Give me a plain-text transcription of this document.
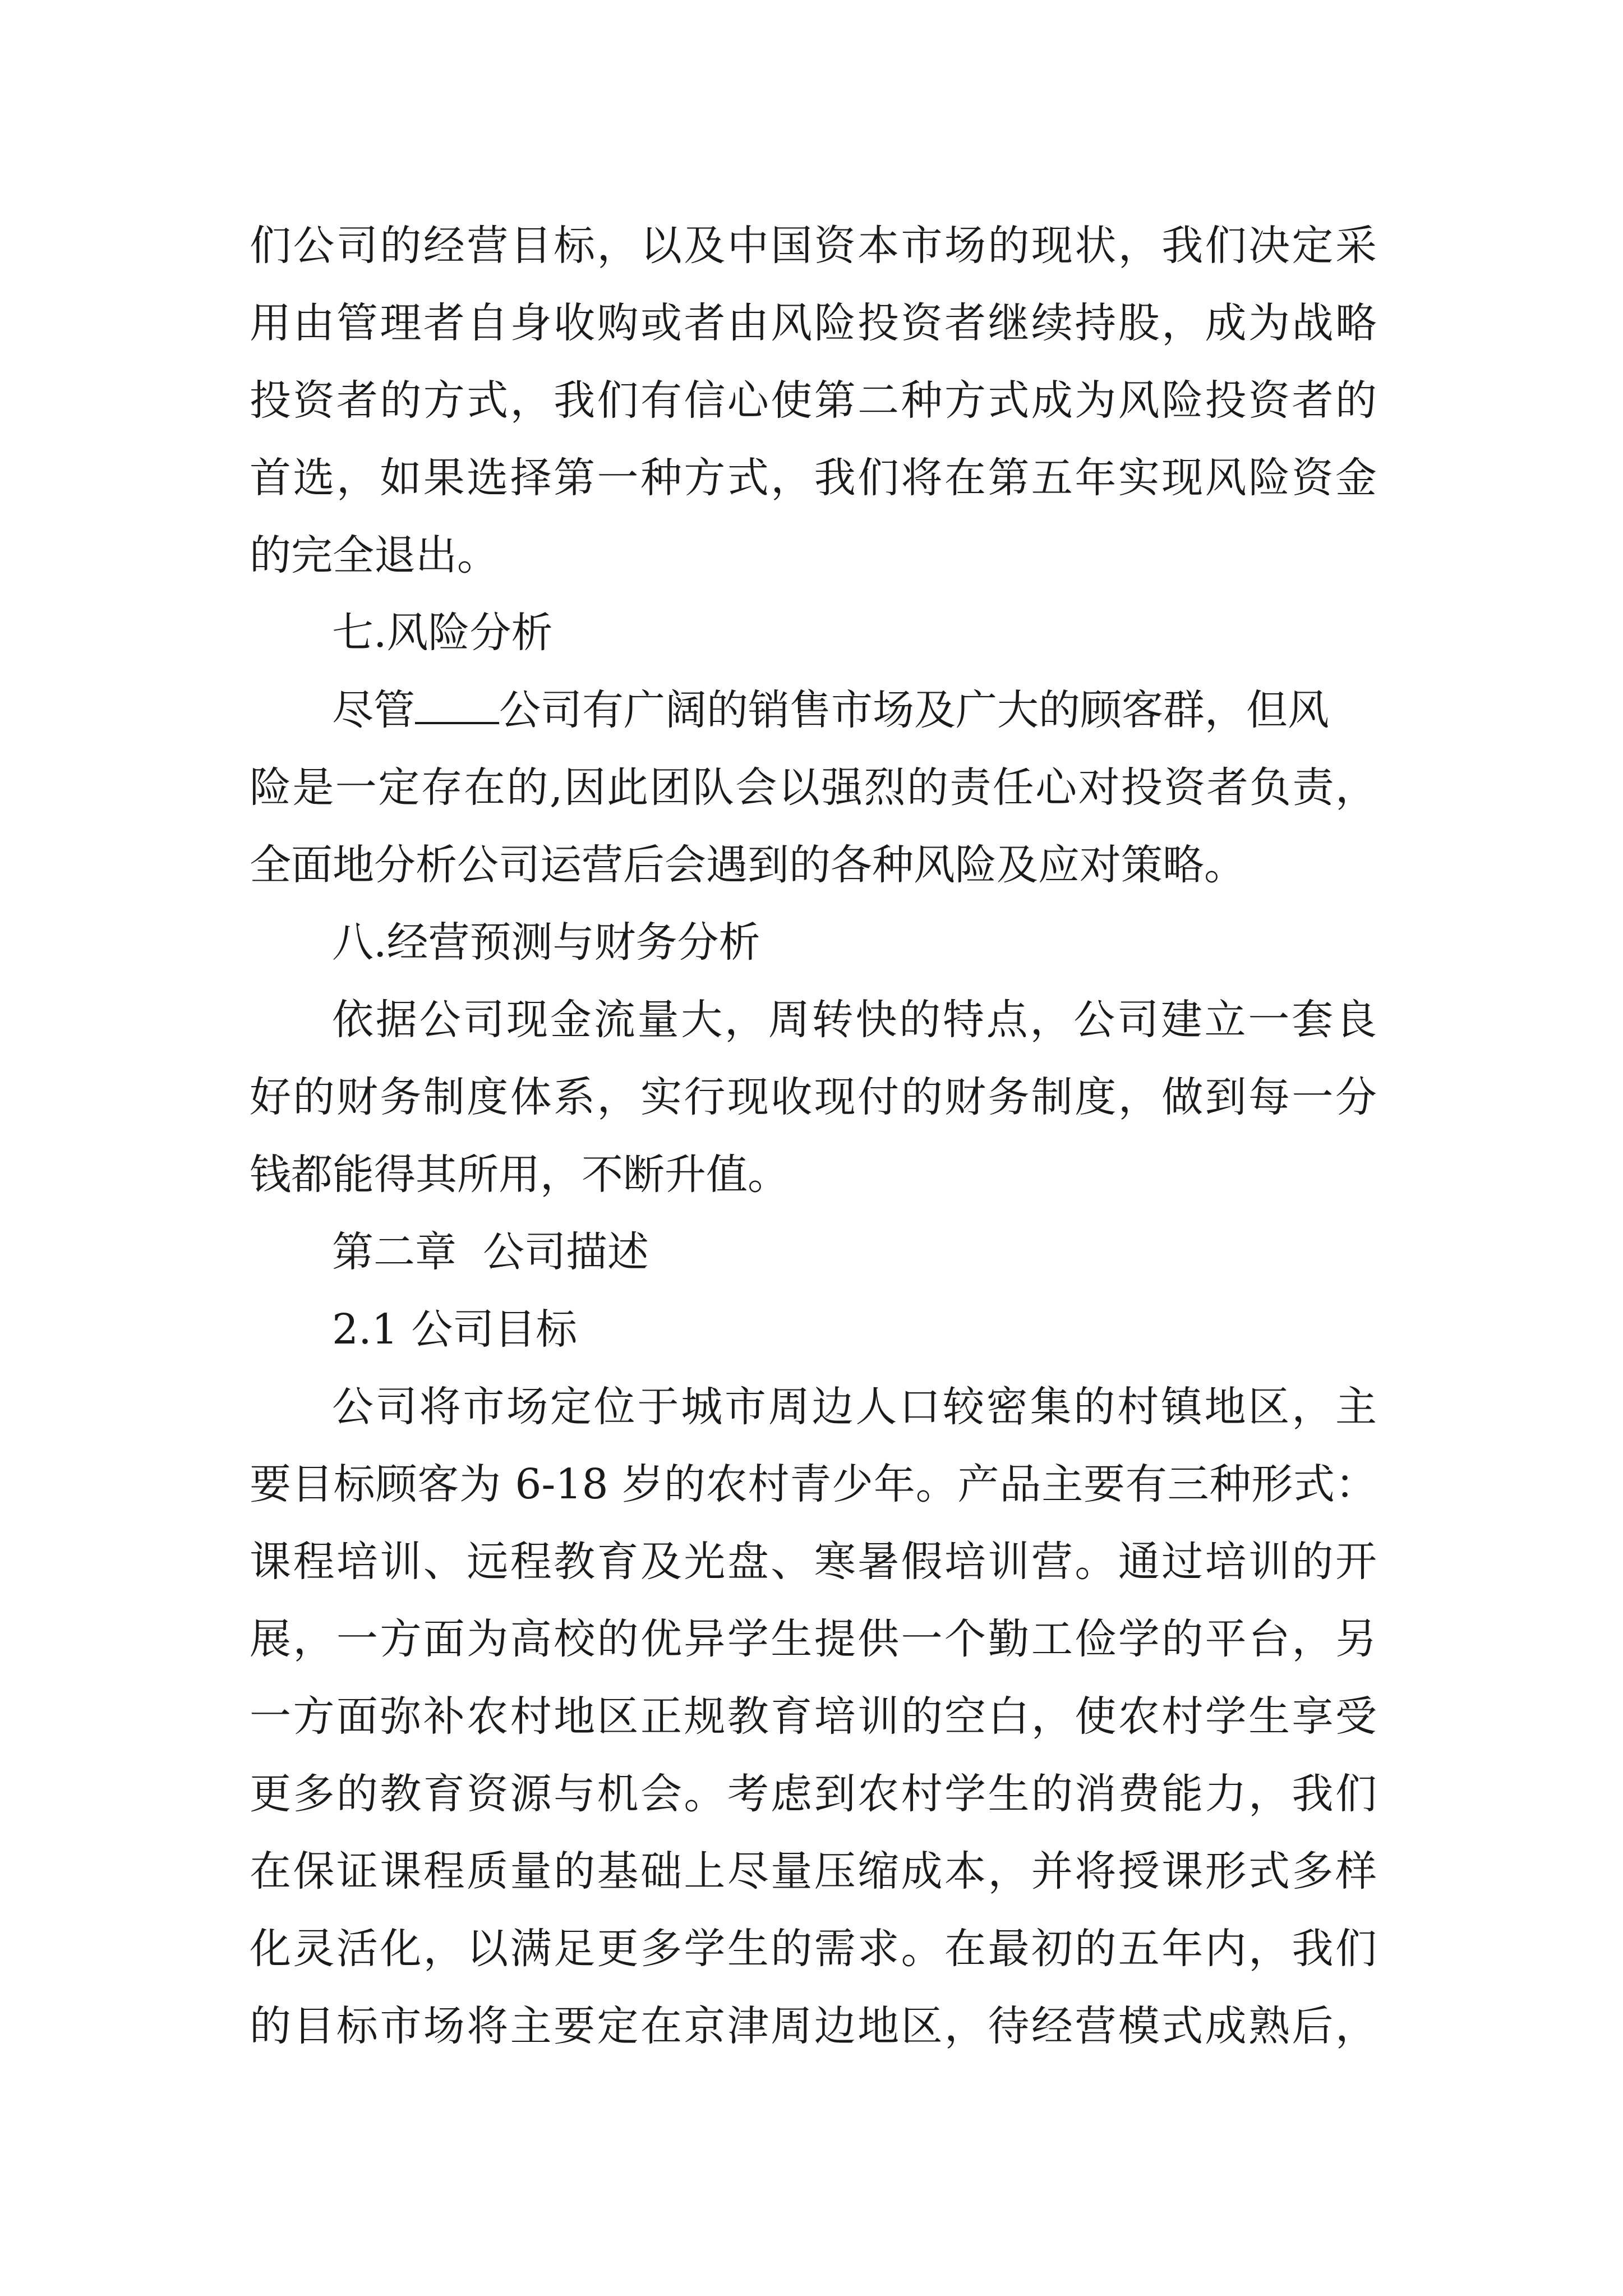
们公司的经营目标，以及中国资本市场的现状，我们决定采
用由管理者自身收购或者由风险投资者继续持股，成为战略
投资者的方式，我们有信心使第二种方式成为风险投资者的
首选，如果选择第一种方式，我们将在第五年实现风险资金
的完全退出。
七.风险分析
尽管 公司有广阔的销售市场及广大的顾客群，但风
险是一定存在的,因此团队会以强烈的责任心对投资者负责，
全面地分析公司运营后会遇到的各种风险及应对策略。
八.经营预测与财务分析
依据公司现金流量大，周转快的特点，公司建立一套良
好的财务制度体系，实行现收现付的财务制度，做到每一分
钱都能得其所用，不断升值。
第二章  公司描述
2.1 公司目标
公司将市场定位于城市周边人口较密集的村镇地区，主
要目标顾客为 6-18 岁的农村青少年。产品主要有三种形式：
课程培训、远程教育及光盘、寒暑假培训营。通过培训的开
展，一方面为高校的优异学生提供一个勤工俭学的平台，另
一方面弥补农村地区正规教育培训的空白，使农村学生享受
更多的教育资源与机会。考虑到农村学生的消费能力，我们
在保证课程质量的基础上尽量压缩成本，并将授课形式多样
化灵活化，以满足更多学生的需求。在最初的五年内，我们
的目标市场将主要定在京津周边地区，待经营模式成熟后，
